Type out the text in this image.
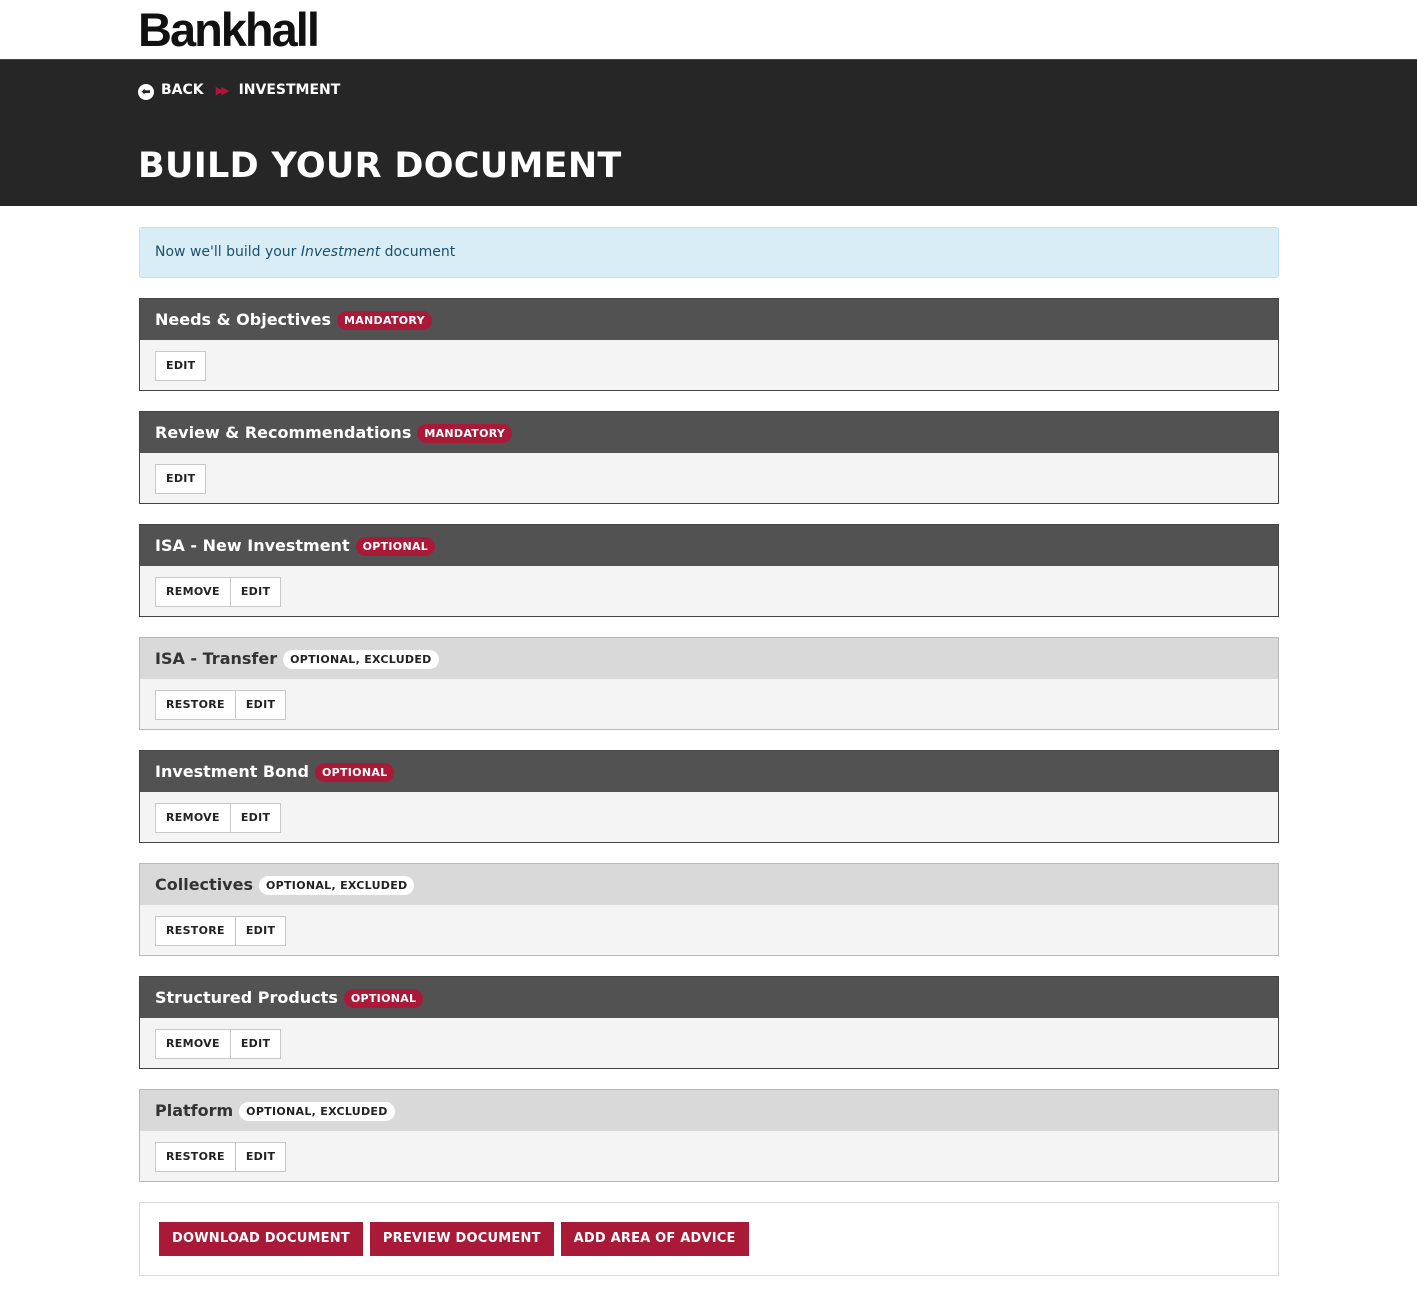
Bankhall
⬅ BACK ▶▶ INVESTMENT
BUILD YOUR DOCUMENT
Now we'll build your Investment document
Needs & Objectives	MANDATORY
EDIT
Review & Recommendations	MANDATORY
EDIT
ISA - New Investment	OPTIONAL
REMOVE	EDIT
ISA - Transfer	OPTIONAL, EXCLUDED
RESTORE	EDIT
Investment Bond	OPTIONAL
REMOVE	EDIT
Collectives	OPTIONAL, EXCLUDED
RESTORE	EDIT
Structured Products	OPTIONAL
REMOVE	EDIT
Platform	OPTIONAL, EXCLUDED
RESTORE	EDIT
DOWNLOAD DOCUMENT	PREVIEW DOCUMENT	ADD AREA OF ADVICE
